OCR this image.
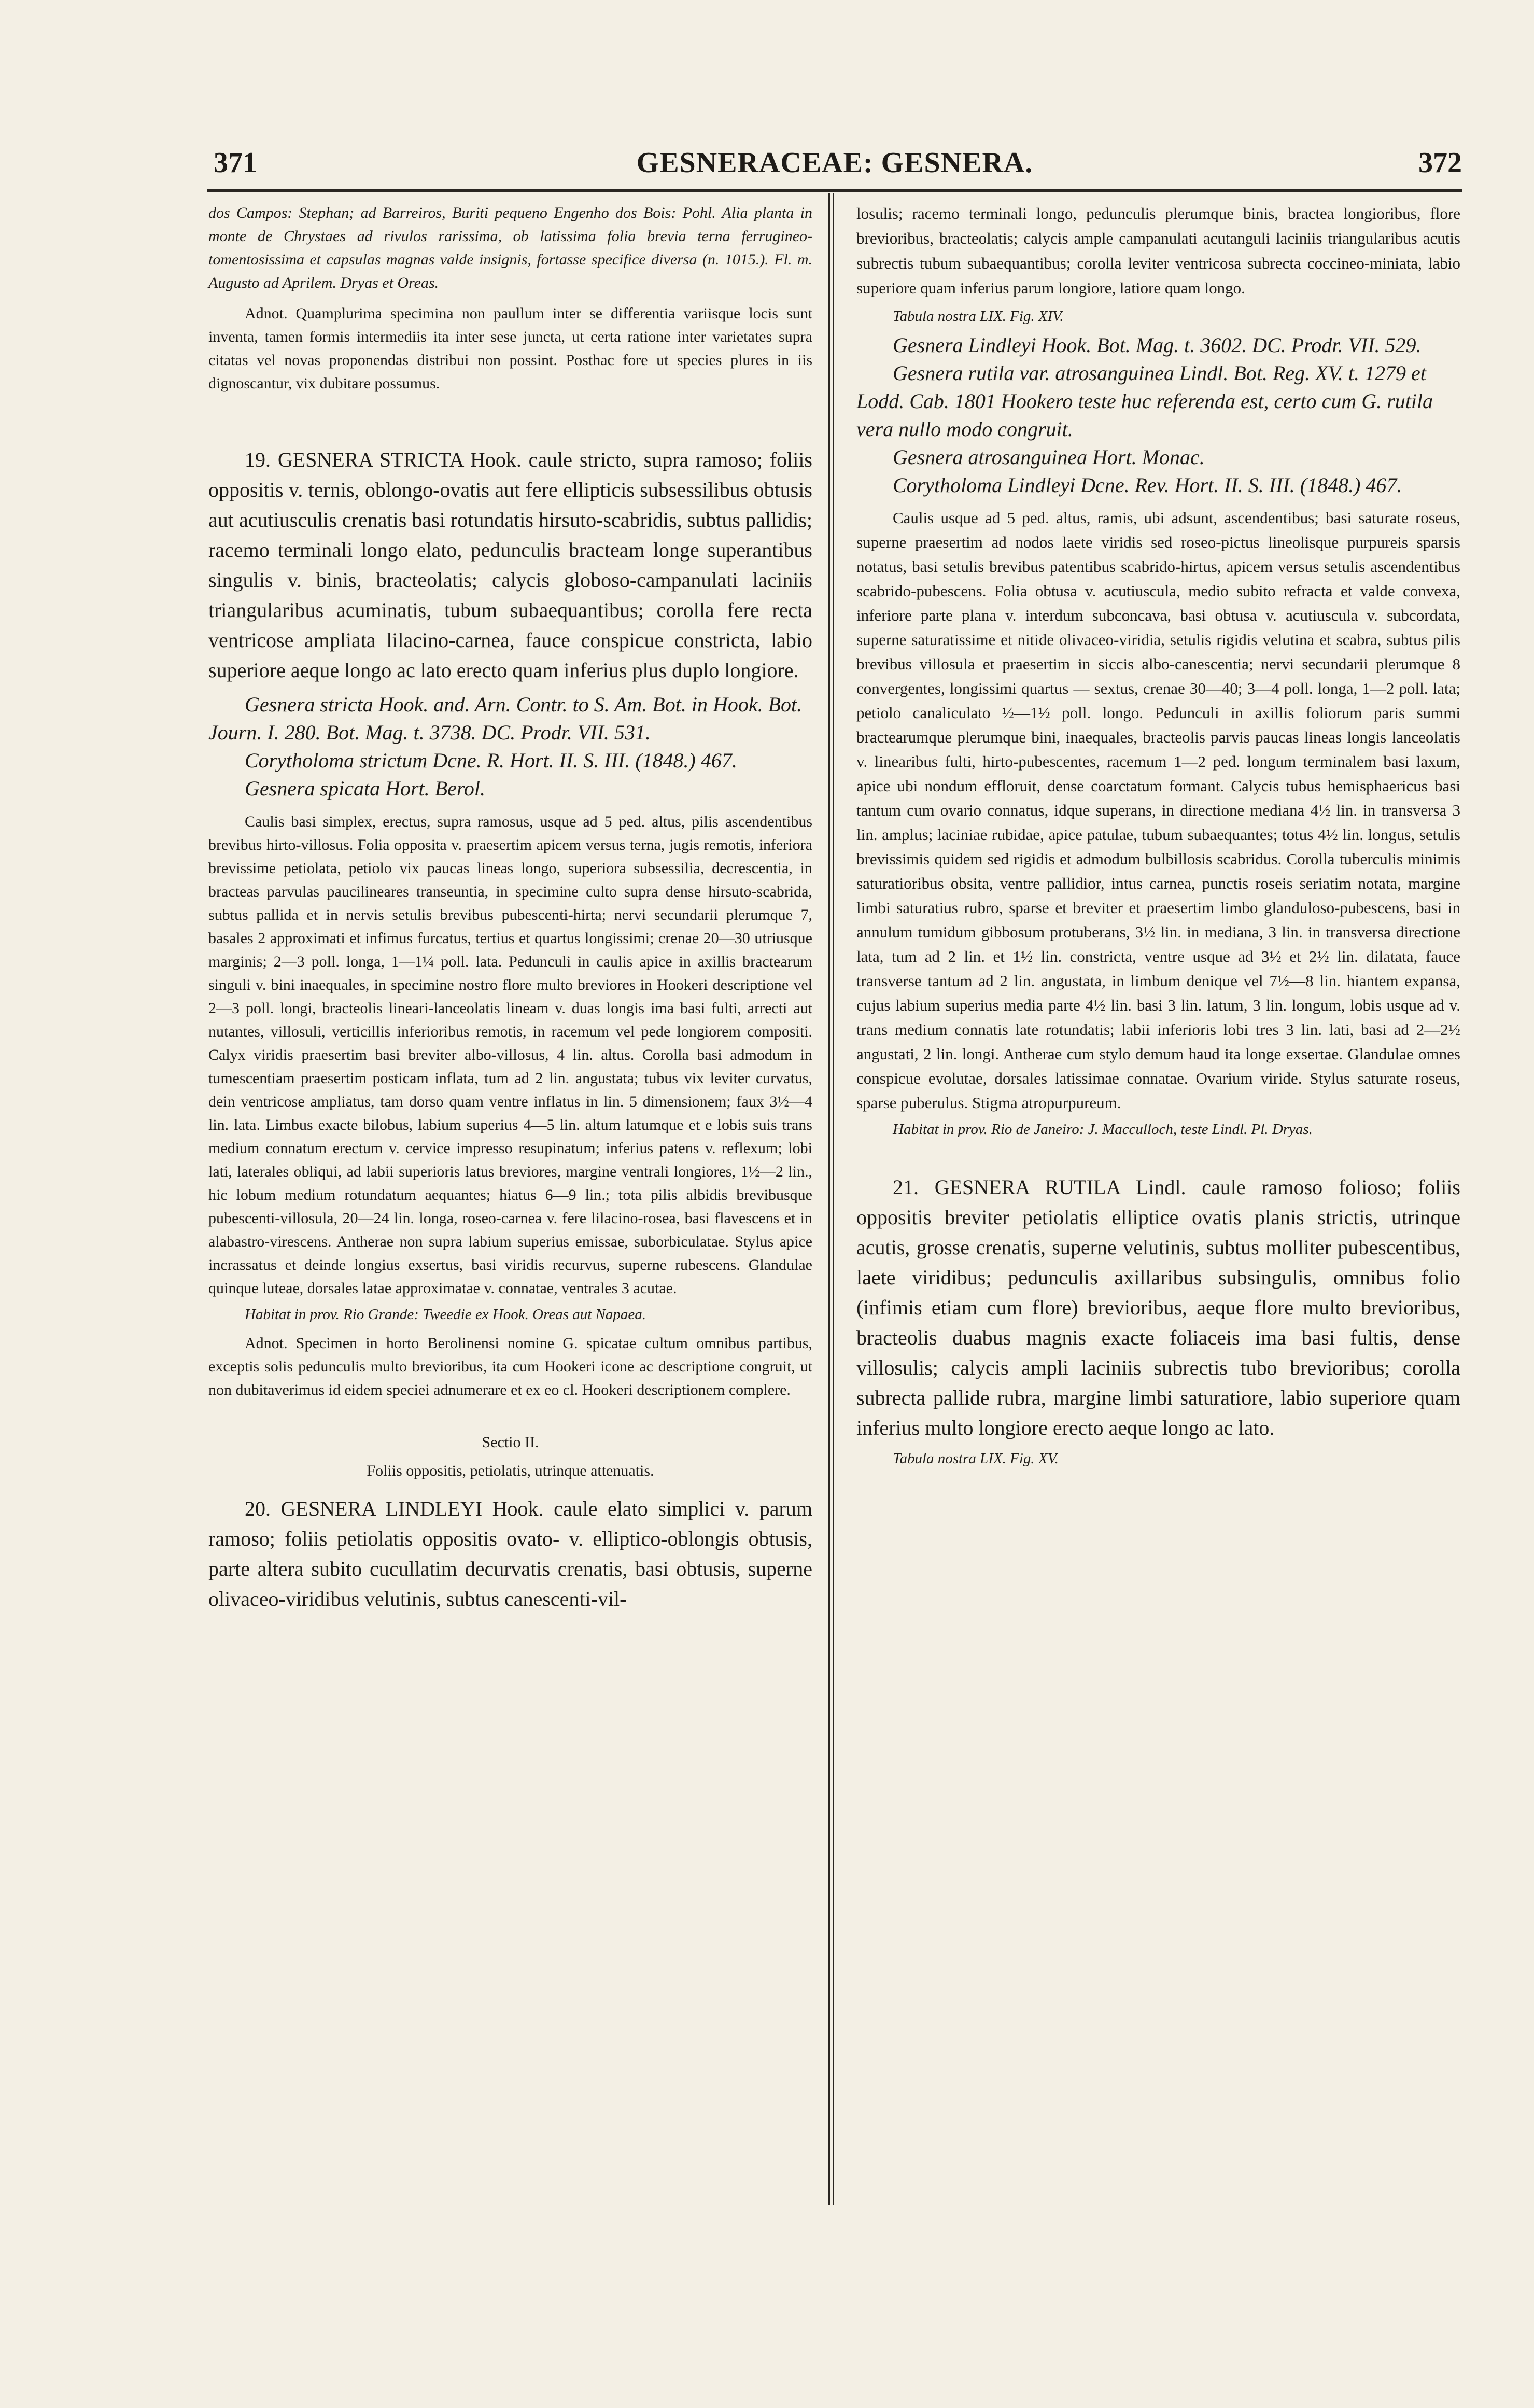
371	GESNERACEAE: GESNERA.	372

dos Campos: Stephan; ad Barreiros, Buriti pequeno Engenho dos Bois: Pohl. Alia planta in monte de Chrystaes ad rivulos rarissima, ob latissima folia brevia terna ferrugineo-tomentosissima et capsulas magnas valde insignis, fortasse specifice diversa (n. 1015.). Fl. m. Augusto ad Aprilem. Dryas et Oreas.

Adnot. Quamplurima specimina non paullum inter se differentia variisque locis sunt inventa, tamen formis intermediis ita inter sese juncta, ut certa ratione inter varietates supra citatas vel novas proponendas distribui non possint. Posthac fore ut species plures in iis dignoscantur, vix dubitare possumus.

19. GESNERA STRICTA Hook. caule stricto, supra ramoso; foliis oppositis v. ternis, oblongo-ovatis aut fere ellipticis subsessilibus obtusis aut acutiusculis crenatis basi rotundatis hirsuto-scabridis, subtus pallidis; racemo terminali longo elato, pedunculis bracteam longe superantibus singulis v. binis, bracteolatis; calycis globoso-campanulati laciniis triangularibus acuminatis, tubum subaequantibus; corolla fere recta ventricose ampliata lilacino-carnea, fauce conspicue constricta, labio superiore aeque longo ac lato erecto quam inferius plus duplo longiore.

Gesnera stricta Hook. and. Arn. Contr. to S. Am. Bot. in Hook. Bot. Journ. I. 280. Bot. Mag. t. 3738. DC. Prodr. VII. 531.

Corytholoma strictum Dcne. R. Hort. II. S. III. (1848.) 467.

Gesnera spicata Hort. Berol.

Caulis basi simplex, erectus, supra ramosus, usque ad 5 ped. altus, pilis ascendentibus brevibus hirto-villosus. Folia opposita v. praesertim apicem versus terna, jugis remotis, inferiora brevissime petiolata, petiolo vix paucas lineas longo, superiora subsessilia, decrescentia, in bracteas parvulas paucilineares transeuntia, in specimine culto supra dense hirsuto-scabrida, subtus pallida et in nervis setulis brevibus pubescenti-hirta; nervi secundarii plerumque 7, basales 2 approximati et infimus furcatus, tertius et quartus longissimi; crenae 20—30 utriusque marginis; 2—3 poll. longa, 1—1¼ poll. lata. Pedunculi in caulis apice in axillis bractearum singuli v. bini inaequales, in specimine nostro flore multo breviores in Hookeri descriptione vel 2—3 poll. longi, bracteolis lineari-lanceolatis lineam v. duas longis ima basi fulti, arrecti aut nutantes, villosuli, verticillis inferioribus remotis, in racemum vel pede longiorem compositi. Calyx viridis praesertim basi breviter albo-villosus, 4 lin. altus. Corolla basi admodum in tumescentiam praesertim posticam inflata, tum ad 2 lin. angustata; tubus vix leviter curvatus, dein ventricose ampliatus, tam dorso quam ventre inflatus in lin. 5 dimensionem; faux 3½—4 lin. lata. Limbus exacte bilobus, labium superius 4—5 lin. altum latumque et e lobis suis trans medium connatum erectum v. cervice impresso resupinatum; inferius patens v. reflexum; lobi lati, laterales obliqui, ad labii superioris latus breviores, margine ventrali longiores, 1½—2 lin., hic lobum medium rotundatum aequantes; hiatus 6—9 lin.; tota pilis albidis brevibusque pubescenti-villosula, 20—24 lin. longa, roseo-carnea v. fere lilacino-rosea, basi flavescens et in alabastro-virescens. Antherae non supra labium superius emissae, suborbiculatae. Stylus apice incrassatus et deinde longius exsertus, basi viridis recurvus, superne rubescens. Glandulae quinque luteae, dorsales latae approximatae v. connatae, ventrales 3 acutae.

Habitat in prov. Rio Grande: Tweedie ex Hook. Oreas aut Napaea.

Adnot. Specimen in horto Berolinensi nomine G. spicatae cultum omnibus partibus, exceptis solis pedunculis multo brevioribus, ita cum Hookeri icone ac descriptione congruit, ut non dubitaverimus id eidem speciei adnumerare et ex eo cl. Hookeri descriptionem complere.

Sectio II.

Foliis oppositis, petiolatis, utrinque attenuatis.

20. GESNERA LINDLEYI Hook. caule elato simplici v. parum ramoso; foliis petiolatis oppositis ovato- v. elliptico-oblongis obtusis, parte altera subito cucullatim decurvatis crenatis, basi obtusis, superne olivaceo-viridibus velutinis, subtus canescenti-vil-

losulis; racemo terminali longo, pedunculis plerumque binis, bractea longioribus, flore brevioribus, bracteolatis; calycis ample campanulati acutanguli laciniis triangularibus acutis subrectis tubum subaequantibus; corolla leviter ventricosa subrecta coccineo-miniata, labio superiore quam inferius parum longiore, latiore quam longo.

Tabula nostra LIX. Fig. XIV.

Gesnera Lindleyi Hook. Bot. Mag. t. 3602. DC. Prodr. VII. 529.

Gesnera rutila var. atrosanguinea Lindl. Bot. Reg. XV. t. 1279 et Lodd. Cab. 1801 Hookero teste huc referenda est, certo cum G. rutila vera nullo modo congruit.

Gesnera atrosanguinea Hort. Monac.

Corytholoma Lindleyi Dcne. Rev. Hort. II. S. III. (1848.) 467.

Caulis usque ad 5 ped. altus, ramis, ubi adsunt, ascendentibus; basi saturate roseus, superne praesertim ad nodos laete viridis sed roseo-pictus lineolisque purpureis sparsis notatus, basi setulis brevibus patentibus scabrido-hirtus, apicem versus setulis ascendentibus scabrido-pubescens. Folia obtusa v. acutiuscula, medio subito refracta et valde convexa, inferiore parte plana v. interdum subconcava, basi obtusa v. acutiuscula v. subcordata, superne saturatissime et nitide olivaceo-viridia, setulis rigidis velutina et scabra, subtus pilis brevibus villosula et praesertim in siccis albo-canescentia; nervi secundarii plerumque 8 convergentes, longissimi quartus — sextus, crenae 30—40; 3—4 poll. longa, 1—2 poll. lata; petiolo canaliculato ½—1½ poll. longo. Pedunculi in axillis foliorum paris summi bractearumque plerumque bini, inaequales, bracteolis parvis paucas lineas longis lanceolatis v. linearibus fulti, hirto-pubescentes, racemum 1—2 ped. longum terminalem basi laxum, apice ubi nondum effloruit, dense coarctatum formant. Calycis tubus hemisphaericus basi tantum cum ovario connatus, idque superans, in directione mediana 4½ lin. in transversa 3 lin. amplus; laciniae rubidae, apice patulae, tubum subaequantes; totus 4½ lin. longus, setulis brevissimis quidem sed rigidis et admodum bulbillosis scabridus. Corolla tuberculis minimis saturatioribus obsita, ventre pallidior, intus carnea, punctis roseis seriatim notata, margine limbi saturatius rubro, sparse et breviter et praesertim limbo glanduloso-pubescens, basi in annulum tumidum gibbosum protuberans, 3½ lin. in mediana, 3 lin. in transversa directione lata, tum ad 2 lin. et 1½ lin. constricta, ventre usque ad 3½ et 2½ lin. dilatata, fauce transverse tantum ad 2 lin. angustata, in limbum denique vel 7½—8 lin. hiantem expansa, cujus labium superius media parte 4½ lin. basi 3 lin. latum, 3 lin. longum, lobis usque ad v. trans medium connatis late rotundatis; labii inferioris lobi tres 3 lin. lati, basi ad 2—2½ angustati, 2 lin. longi. Antherae cum stylo demum haud ita longe exsertae. Glandulae omnes conspicue evolutae, dorsales latissimae connatae. Ovarium viride. Stylus saturate roseus, sparse puberulus. Stigma atropurpureum.

Habitat in prov. Rio de Janeiro: J. Macculloch, teste Lindl. Pl. Dryas.

21. GESNERA RUTILA Lindl. caule ramoso folioso; foliis oppositis breviter petiolatis elliptice ovatis planis strictis, utrinque acutis, grosse crenatis, superne velutinis, subtus molliter pubescentibus, laete viridibus; pedunculis axillaribus subsingulis, omnibus folio (infimis etiam cum flore) brevioribus, aeque flore multo brevioribus, bracteolis duabus magnis exacte foliaceis ima basi fultis, dense villosulis; calycis ampli laciniis subrectis tubo brevioribus; corolla subrecta pallide rubra, margine limbi saturatiore, labio superiore quam inferius multo longiore erecto aeque longo ac lato.

Tabula nostra LIX. Fig. XV.
